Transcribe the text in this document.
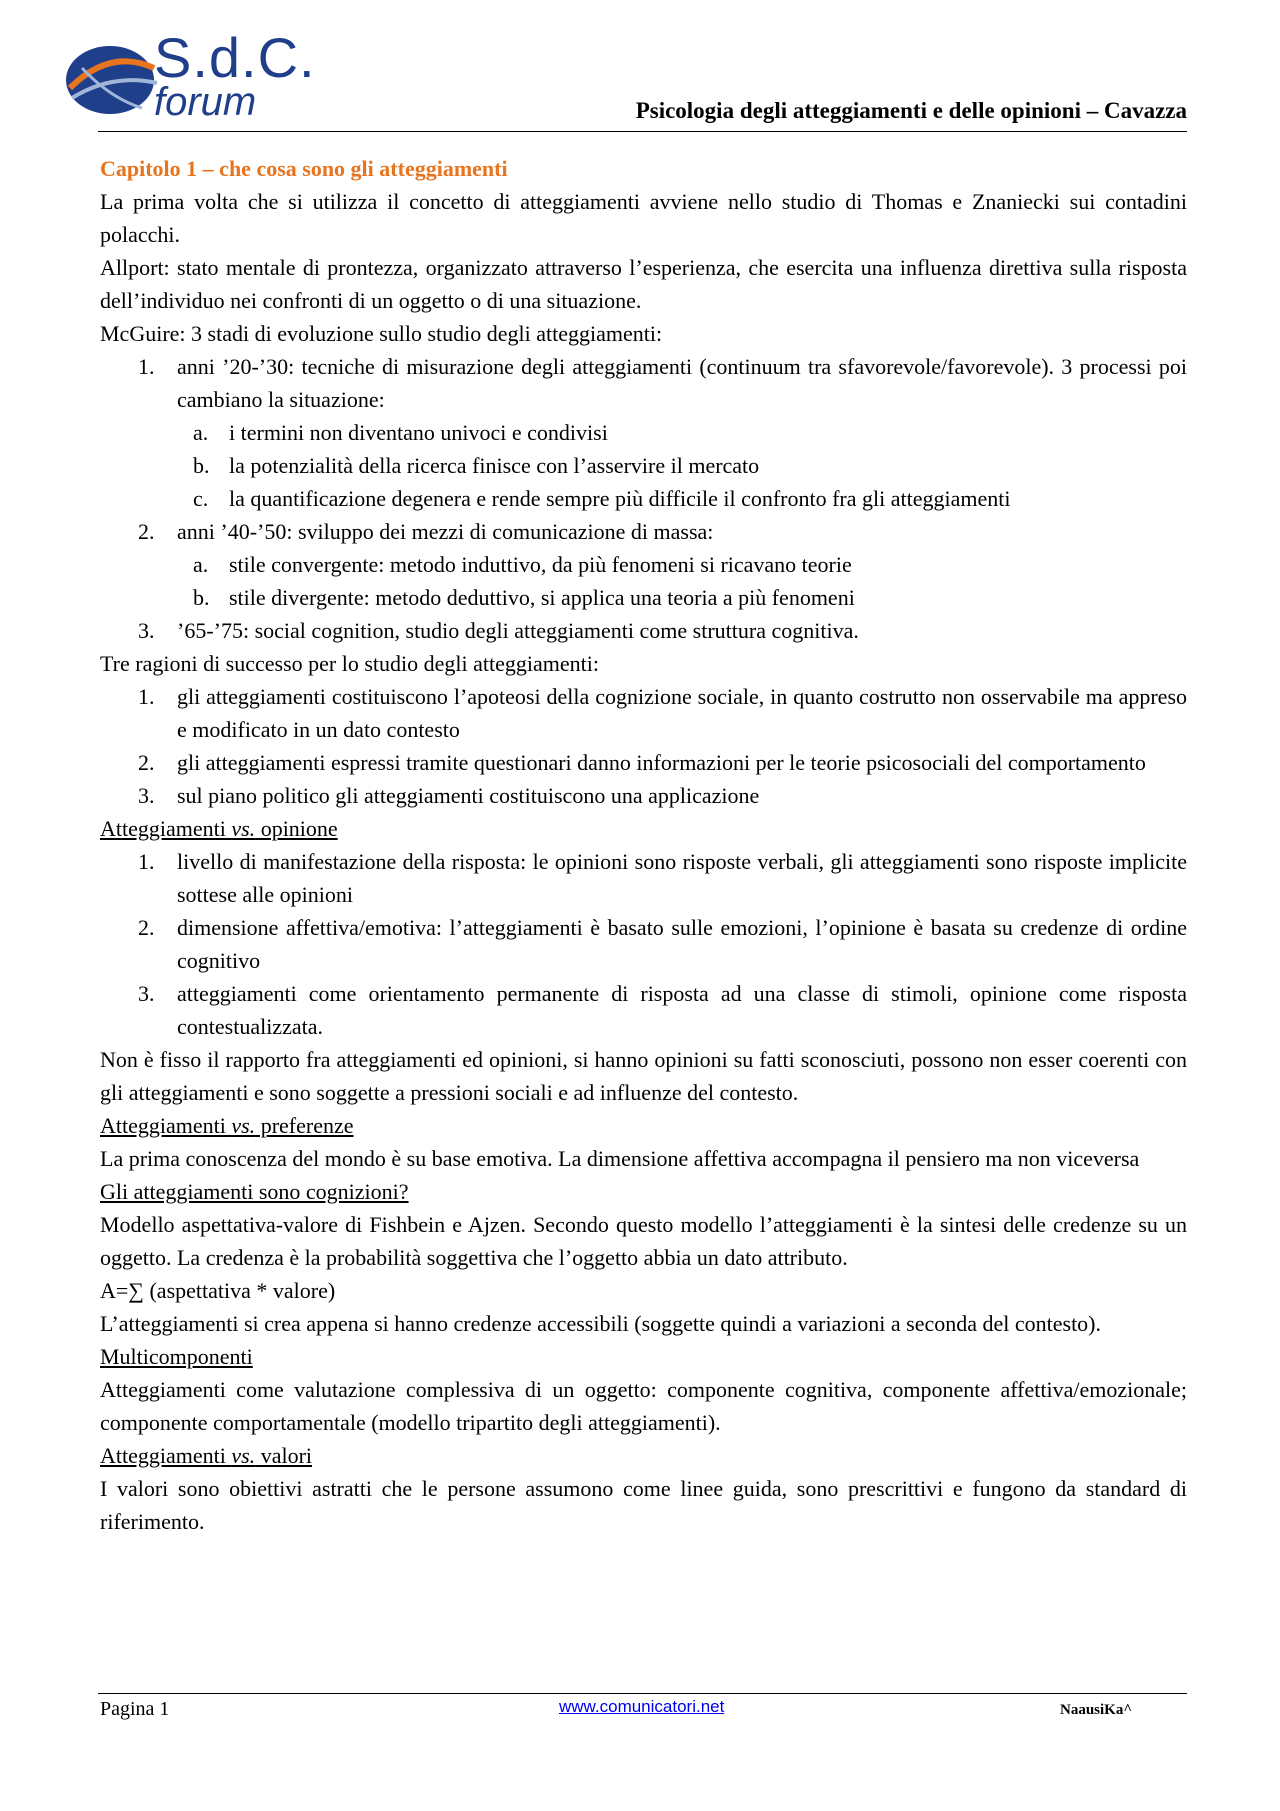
S.d.C.
forum	Psicologia degli atteggiamenti e delle opinioni – Cavazza

Capitolo 1 – che cosa sono gli atteggiamenti

La prima volta che si utilizza il concetto di atteggiamenti avviene nello studio di Thomas e Znaniecki sui contadini polacchi.

Allport: stato mentale di prontezza, organizzato attraverso l’esperienza, che esercita una influenza direttiva sulla risposta dell’individuo nei confronti di un oggetto o di una situazione.

McGuire: 3 stadi di evoluzione sullo studio degli atteggiamenti:

1. anni ’20-’30: tecniche di misurazione degli atteggiamenti (continuum tra sfavorevole/favorevole). 3 processi poi cambiano la situazione:
a. i termini non diventano univoci e condivisi
b. la potenzialità della ricerca finisce con l’asservire il mercato
c. la quantificazione degenera e rende sempre più difficile il confronto fra gli atteggiamenti
2. anni ’40-’50: sviluppo dei mezzi di comunicazione di massa:
a. stile convergente: metodo induttivo, da più fenomeni si ricavano teorie
b. stile divergente: metodo deduttivo, si applica una teoria a più fenomeni
3. ’65-’75: social cognition, studio degli atteggiamenti come struttura cognitiva.

Tre ragioni di successo per lo studio degli atteggiamenti:

1. gli atteggiamenti costituiscono l’apoteosi della cognizione sociale, in quanto costrutto non osservabile ma appreso e modificato in un dato contesto
2. gli atteggiamenti espressi tramite questionari danno informazioni per le teorie psicosociali del comportamento
3. sul piano politico gli atteggiamenti costituiscono una applicazione

Atteggiamenti vs. opinione

1. livello di manifestazione della risposta: le opinioni sono risposte verbali, gli atteggiamenti sono risposte implicite sottese alle opinioni
2. dimensione affettiva/emotiva: l’atteggiamenti è basato sulle emozioni, l’opinione è basata su credenze di ordine cognitivo
3. atteggiamenti come orientamento permanente di risposta ad una classe di stimoli, opinione come risposta contestualizzata.

Non è fisso il rapporto fra atteggiamenti ed opinioni, si hanno opinioni su fatti sconosciuti, possono non esser coerenti con gli atteggiamenti e sono soggette a pressioni sociali e ad influenze del contesto.

Atteggiamenti vs. preferenze

La prima conoscenza del mondo è su base emotiva. La dimensione affettiva accompagna il pensiero ma non viceversa

Gli atteggiamenti sono cognizioni?

Modello aspettativa-valore di Fishbein e Ajzen. Secondo questo modello l’atteggiamenti è la sintesi delle credenze su un oggetto. La credenza è la probabilità soggettiva che l’oggetto abbia un dato attributo.

A=∑ (aspettativa * valore)

L’atteggiamenti si crea appena si hanno credenze accessibili (soggette quindi a variazioni a seconda del contesto).

Multicomponenti

Atteggiamenti come valutazione complessiva di un oggetto: componente cognitiva, componente affettiva/emozionale; componente comportamentale (modello tripartito degli atteggiamenti).

Atteggiamenti vs. valori

I valori sono obiettivi astratti che le persone assumono come linee guida, sono prescrittivi e fungono da standard di riferimento.

Pagina 1	www.comunicatori.net	NaausiKa^
